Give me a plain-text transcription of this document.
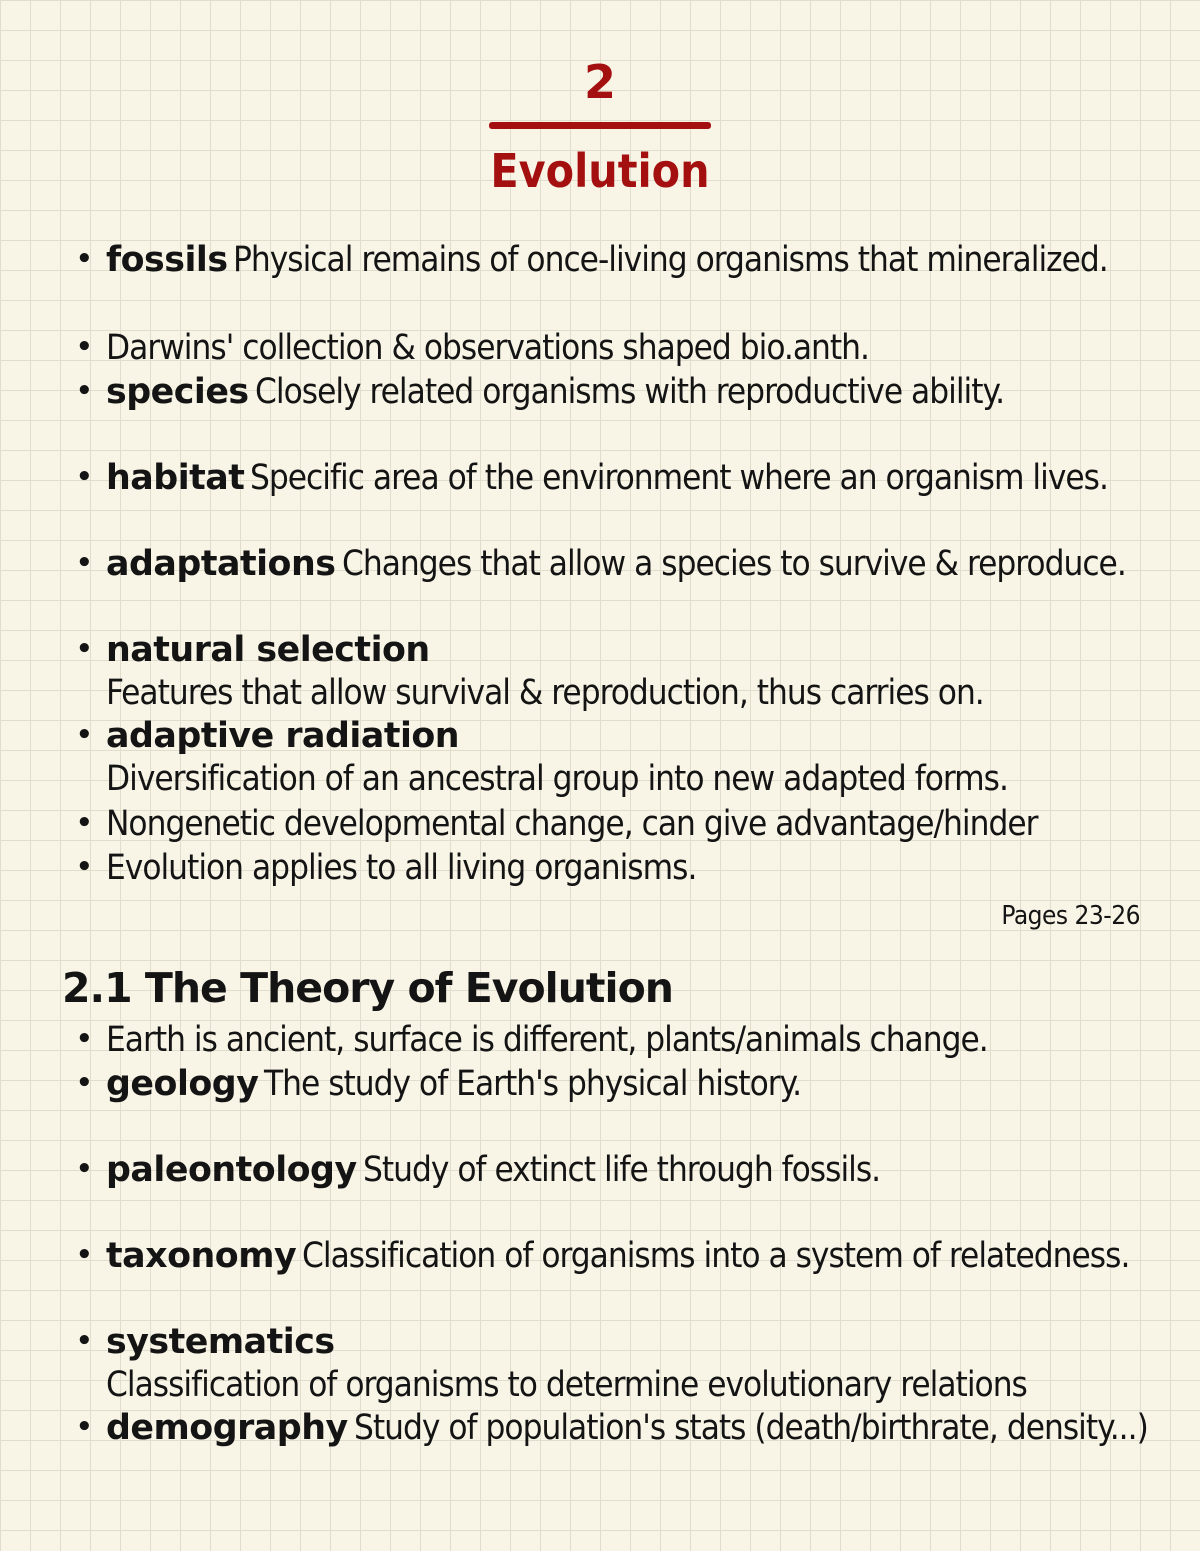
2
Evolution
• fossils Physical remains of once-living organisms that mineralized.
• Darwins' collection & observations shaped bio.anth.
• species Closely related organisms with reproductive ability.
• habitat Specific area of the environment where an organism lives.
• adaptations Changes that allow a species to survive & reproduce.
• natural selection Features that allow survival & reproduction, thus carries on.
• adaptive radiation Diversification of an ancestral group into new adapted forms.
• Nongenetic developmental change, can give advantage/hinder
• Evolution applies to all living organisms.
Pages 23-26
2.1 The Theory of Evolution
• Earth is ancient, surface is different, plants/animals change.
• geology The study of Earth's physical history.
• paleontology Study of extinct life through fossils.
• taxonomy Classification of organisms into a system of relatedness.
• systematics Classification of organisms to determine evolutionary relations
• demography Study of population's stats (death/birthrate, density...)
